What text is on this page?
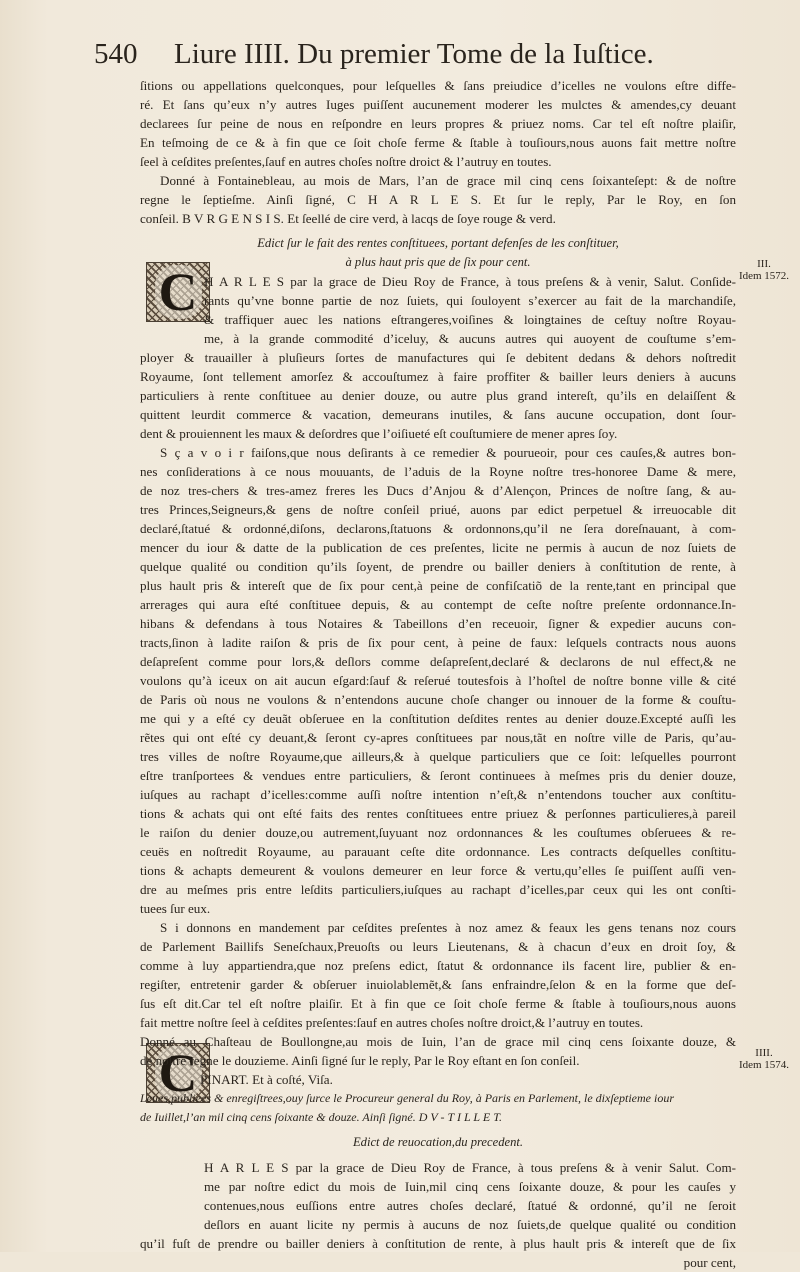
540 Liure IIII. Du premier Tome de la Iuſtice.
III.
Idem 1572.
IIII.
Idem 1574.
C
C
ſitions ou appellations quelconques, pour leſquelles & ſans preiudice d’icelles ne voulons eſtre diffe-
ré. Et ſans qu’eux n’y autres Iuges puiſſent aucunement moderer les mulctes & amendes,cy deuant
declarees ſur peine de nous en reſpondre en leurs propres & priuez noms. Car tel eſt noſtre plaiſir,
En teſmoing de ce & à fin que ce ſoit choſe ferme & ſtable à touſiours,nous auons fait mettre noſtre
ſeel à ceſdites preſentes,ſauf en autres choſes noſtre droict & l’autruy en toutes.
Donné à Fontainebleau, au mois de Mars, l’an de grace mil cinq cens ſoixanteſept: & de noſtre
regne le ſeptieſme. Ainſi ſigné, C H A R L E S. Et ſur le reply, Par le Roy, en ſon
conſeil. B V R G E N S I S. Et ſeellé de cire verd, à lacqs de ſoye rouge & verd.
Edict ſur le fait des rentes conſtituees, portant defenſes de les conſtituer,
à plus haut pris que de ſix pour cent.
H A R L E S par la grace de Dieu Roy de France, à tous preſens & à venir, Salut. Conſide-
rants qu’vne bonne partie de noz ſuiets, qui ſouloyent s’exercer au fait de la marchandiſe,
& traffiquer auec les nations eſtrangeres,voiſines & loingtaines de ceſtuy noſtre Royau-
me, à la grande commodité d’iceluy, & aucuns autres qui auoyent de couſtume s’em-
ployer & trauailler à pluſieurs ſortes de manufactures qui ſe debitent dedans & dehors noſtredit
Royaume, ſont tellement amorſez & accouſtumez à faire proffiter & bailler leurs deniers à aucuns
particuliers à rente conſtituee au denier douze, ou autre plus grand intereſt, qu’ils en delaiſſent &
quittent leurdit commerce & vacation, demeurans inutiles, & ſans aucune occupation, dont ſour-
dent & prouiennent les maux & deſordres que l’oiſiueté eſt couſtumiere de mener apres ſoy.
S ç a v o i r faiſons,que nous deſirants à ce remedier & pourueoir, pour ces cauſes,& autres bon-
nes conſiderations à ce nous mouuants, de l’aduis de la Royne noſtre tres-honoree Dame & mere,
de noz tres-chers & tres-amez freres les Ducs d’Anjou & d’Alençon, Princes de noſtre ſang, & au-
tres Princes,Seigneurs,& gens de noſtre conſeil priué, auons par edict perpetuel & irreuocable dit
declaré,ſtatué & ordonné,diſons, declarons,ſtatuons & ordonnons,qu’il ne ſera doreſnauant, à com-
mencer du iour & datte de la publication de ces preſentes, licite ne permis à aucun de noz ſuiets de
quelque qualité ou condition qu’ils ſoyent, de prendre ou bailler deniers à conſtitution de rente, à
plus hault pris & intereſt que de ſix pour cent,à peine de confiſcatiõ de la rente,tant en principal que
arrerages qui aura eſté conſtituee depuis, & au contempt de ceſte noſtre preſente ordonnance.In-
hibans & defendans à tous Notaires & Tabeillons d’en receuoir, ſigner & expedier aucuns con-
tracts,ſinon à ladite raiſon & pris de ſix pour cent, à peine de faux: leſquels contracts nous auons
deſapreſent comme pour lors,& deſlors comme deſapreſent,declaré & declarons de nul effect,& ne
voulons qu’à iceux on ait aucun eſgard:ſauf & reſerué toutesfois à l’hoſtel de noſtre bonne ville & cité
de Paris où nous ne voulons & n’entendons aucune choſe changer ou innouer de la forme & couſtu-
me qui y a eſté cy deuãt obſeruee en la conſtitution deſdites rentes au denier douze.Excepté auſſi les
rẽtes qui ont eſté cy deuant,& ſeront cy-apres conſtituees par nous,tãt en noſtre ville de Paris, qu’au-
tres villes de noſtre Royaume,que ailleurs,& à quelque particuliers que ce ſoit: leſquelles pourront
eſtre tranſportees & vendues entre particuliers, & ſeront continuees à meſmes pris du denier douze,
iuſques au rachapt d’icelles:comme auſſi noſtre intention n’eſt,& n’entendons toucher aux conſtitu-
tions & achats qui ont eſté faits des rentes conſtituees entre priuez & perſonnes particulieres,à pareil
le raiſon du denier douze,ou autrement,ſuyuant noz ordonnances & les couſtumes obſeruees & re-
ceuës en noſtredit Royaume, au parauant ceſte dite ordonnance. Les contracts deſquelles conſtitu-
tions & achapts demeurent & voulons demeurer en leur force & vertu,qu’elles ſe puiſſent auſſi ven-
dre au meſmes pris entre leſdits particuliers,iuſques au rachapt d’icelles,par ceux qui les ont conſti-
tuees ſur eux.
S i donnons en mandement par ceſdites preſentes à noz amez & feaux les gens tenans noz cours
de Parlement Baillifs Seneſchaux,Preuoſts ou leurs Lieutenans, & à chacun d’eux en droit ſoy, &
comme à luy appartiendra,que noz preſens edict, ſtatut & ordonnance ils facent lire, publier & en-
regiſter, entretenir garder & obſeruer inuiolablemẽt,& ſans enfraindre,ſelon & en la forme que deſ-
ſus eſt dit.Car tel eſt noſtre plaiſir. Et à fin que ce ſoit choſe ferme & ſtable à touſiours,nous auons
fait mettre noſtre ſeel à ceſdites preſentes:ſauf en autres choſes noſtre droict,& l’autruy en toutes.
Donné au Chaſteau de Boullongne,au mois de Iuin, l’an de grace mil cinq cens ſoixante douze, &
de noſtre regne le douzieme. Ainſi ſigné ſur le reply, Par le Roy eſtant en ſon conſeil.
PINART. Et à coſté, Viſa.
Leues,publiees & enregiſtrees,ouy ſurce le Procureur general du Roy, à Paris en Parlement, le dixſeptieme iour
de Iuillet,l’an mil cinq cens ſoixante & douze. Ainſi ſigné. D V - T I L L E T.
Edict de reuocation,du precedent.
H A R L E S par la grace de Dieu Roy de France, à tous preſens & à venir Salut. Com-
me par noſtre edict du mois de Iuin,mil cinq cens ſoixante douze, & pour les cauſes y
contenues,nous euſſions entre autres choſes declaré, ſtatué & ordonné, qu’il ne ſeroit
deſlors en auant licite ny permis à aucuns de noz ſuiets,de quelque qualité ou condition
qu’il fuſt de prendre ou bailler deniers à conſtitution de rente, à plus hault pris & intereſt que de ſix
pour cent,
